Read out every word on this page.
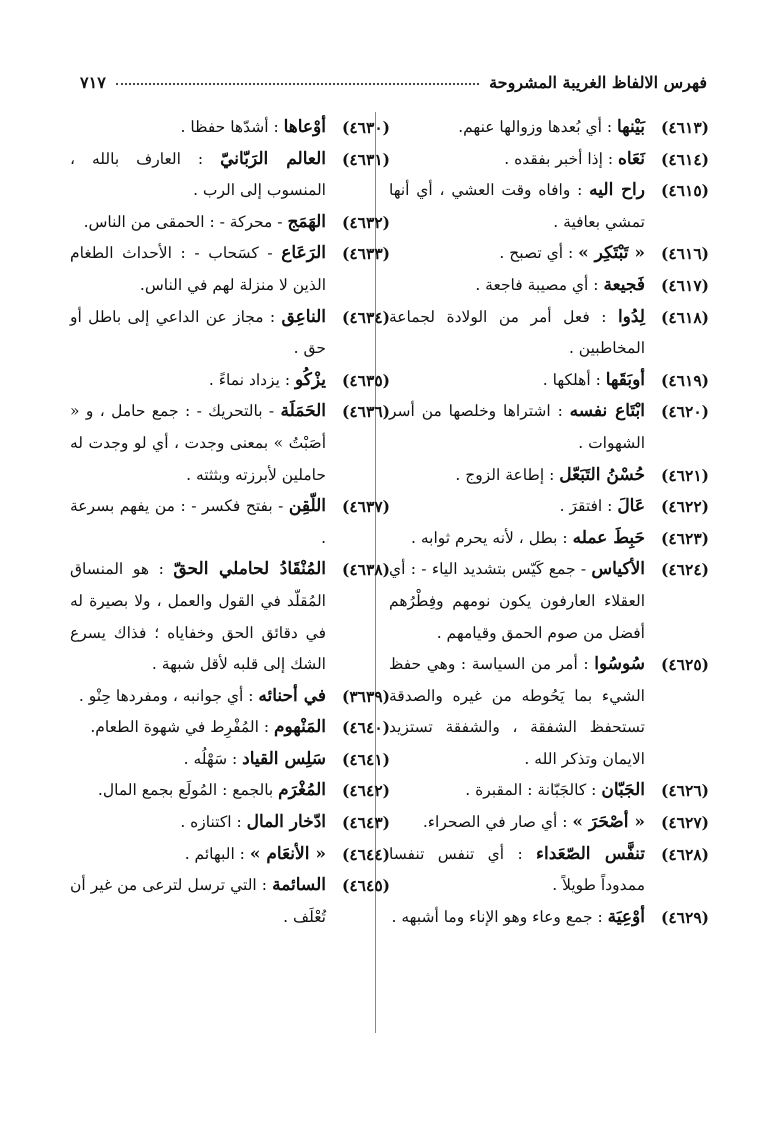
فهرس الالفاظ الغريبة المشروحة
٧١٧
(٤٦١٣)
بَيْنها : أي بُعدها وزوالها عنهم.
(٤٦١٤)
نَعَاه : إذا أخبر بفقده .
(٤٦١٥)
راح اليه : وافاه وقت العشي ، أي أنها تمشي بعافية .
(٤٦١٦)
« تَبْتَكِر » : أي تصبح .
(٤٦١٧)
فَجيعة : أي مصيبة فاجعة .
(٤٦١٨)
لِدُوا : فعل أمر من الولادة لجماعة المخاطبين .
(٤٦١٩)
أوبَقَها : أهلكها .
(٤٦٢٠)
ابْتَاع نفسه : اشتراها وخلصها من أسر الشهوات .
(٤٦٢١)
حُسْنُ التَبَعّل : إطاعة الزوج .
(٤٦٢٢)
عَالَ : افتقرَ .
(٤٦٢٣)
حَبِطَ عمله : بطل ، لأنه يحرم ثوابه .
(٤٦٢٤)
الأكياس - جمع كَيّس بتشديد الياء - : أي العقلاء العارفون يكون نومهم وفِطْرُهم أفضل من صوم الحمق وقيامهم .
(٤٦٢٥)
سُوسُوا : أمر من السياسة : وهي حفظ الشيء بما يَحُوطه من غيره والصدقة تستحفظ الشفقة ، والشفقة تستزيد الايمان وتذكر الله .
(٤٦٢٦)
الجَبّان : كالجَبّانة : المقبرة .
(٤٦٢٧)
« أصْحَرَ » : أي صار في الصحراء.
(٤٦٢٨)
تنفَّس الصّعَداء : أي تنفس تنفسا ممدوداً طويلاً .
(٤٦٢٩)
أوْعِيَة : جمع وعاء وهو الإناء وما أشبهه .
(٤٦٣٠)
أوْعاها : أشدّها حفظا .
(٤٦٣١)
العالم الرَبّانيّ : العارف بالله ، المنسوب إلى الرب .
(٤٦٣٢)
الهَمَج - محركة - : الحمقى من الناس.
(٤٦٣٣)
الرَعَاع - كسَحاب - : الأحداث الطغام الذين لا منزلة لهم في الناس.
(٤٦٣٤)
الناعِق : مجاز عن الداعي إلى باطل أو حق .
(٤٦٣٥)
يزْكُو : يزداد نماءً .
(٤٦٣٦)
الحَمَلَة - بالتحريك - : جمع حامل ، و « أصَبْتُ » بمعنى وجدت ، أي لو وجدت له حاملين لأبرزته وبثثته .
(٤٦٣٧)
اللّقِن - بفتح فكسر - : من يفهم بسرعة .
(٤٦٣٨)
المُنْقَادُ لحاملي الحقّ : هو المنساق المُقلّد في القول والعمل ، ولا بصيرة له في دقائق الحق وخفاياه ؛ فذاك يسرع الشك إلى قلبه لأقل شبهة .
(٣٦٣٩)
في أحنائه : أي جوانبه ، ومفردها حِنْو .
(٤٦٤٠)
المَنْهوم : المُفْرِط في شهوة الطعام.
(٤٦٤١)
سَلِس القياد : سَهْلُه .
(٤٦٤٢)
المُغْرَم بالجمع : المُولَع بجمع المال.
(٤٦٤٣)
ادّخار المال : اكتنازه .
(٤٦٤٤)
« الأنعَام » : البهائم .
(٤٦٤٥)
السائمة : التي ترسل لترعى من غير أن تُعْلَف .
